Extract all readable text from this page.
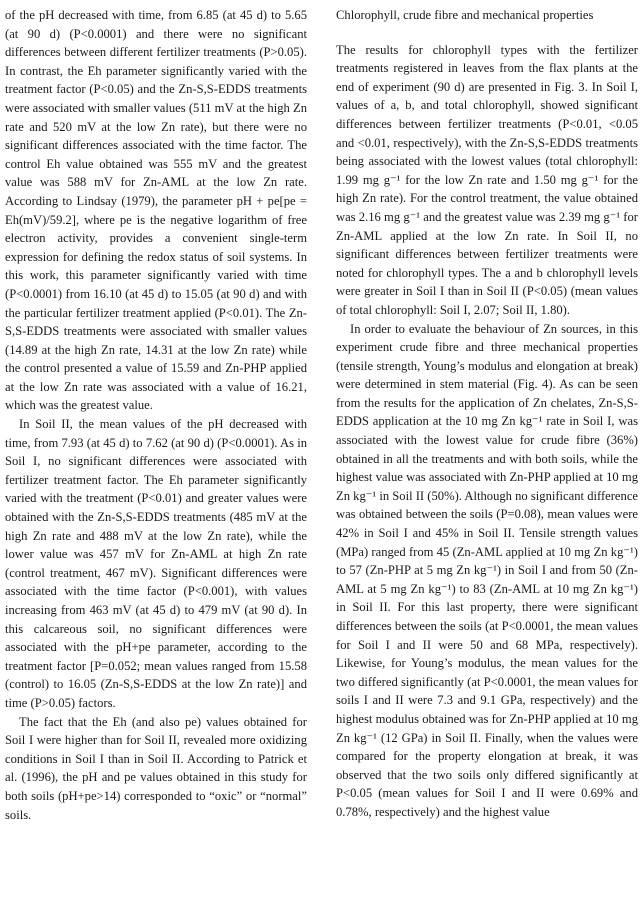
of the pH decreased with time, from 6.85 (at 45 d) to 5.65 (at 90 d) (P<0.0001) and there were no significant differences between different fertilizer treatments (P>0.05). In contrast, the Eh parameter significantly varied with the treatment factor (P<0.05) and the Zn-S,S-EDDS treatments were associated with smaller values (511 mV at the high Zn rate and 520 mV at the low Zn rate), but there were no significant differences associated with the time factor. The control Eh value obtained was 555 mV and the greatest value was 588 mV for Zn-AML at the low Zn rate. According to Lindsay (1979), the parameter pH + pe[pe = Eh(mV)/59.2], where pe is the negative logarithm of free electron activity, provides a convenient single-term expression for defining the redox status of soil systems. In this work, this parameter significantly varied with time (P<0.0001) from 16.10 (at 45 d) to 15.05 (at 90 d) and with the particular fertilizer treatment applied (P<0.01). The Zn-S,S-EDDS treatments were associated with smaller values (14.89 at the high Zn rate, 14.31 at the low Zn rate) while the control presented a value of 15.59 and Zn-PHP applied at the low Zn rate was associated with a value of 16.21, which was the greatest value.

In Soil II, the mean values of the pH decreased with time, from 7.93 (at 45 d) to 7.62 (at 90 d) (P<0.0001). As in Soil I, no significant differences were associated with fertilizer treatment factor. The Eh parameter significantly varied with the treatment (P<0.01) and greater values were obtained with the Zn-S,S-EDDS treatments (485 mV at the high Zn rate and 488 mV at the low Zn rate), while the lower value was 457 mV for Zn-AML at high Zn rate (control treatment, 467 mV). Significant differences were associated with the time factor (P<0.001), with values increasing from 463 mV (at 45 d) to 479 mV (at 90 d). In this calcareous soil, no significant differences were associated with the pH+pe parameter, according to the treatment factor [P=0.052; mean values ranged from 15.58 (control) to 16.05 (Zn-S,S-EDDS at the low Zn rate)] and time (P>0.05) factors.

The fact that the Eh (and also pe) values obtained for Soil I were higher than for Soil II, revealed more oxidizing conditions in Soil I than in Soil II. According to Patrick et al. (1996), the pH and pe values obtained in this study for both soils (pH+pe>14) corresponded to “oxic” or “normal” soils.

Chlorophyll, crude fibre and mechanical properties

The results for chlorophyll types with the fertilizer treatments registered in leaves from the flax plants at the end of experiment (90 d) are presented in Fig. 3. In Soil I, values of a, b, and total chlorophyll, showed significant differences between fertilizer treatments (P<0.01, <0.05 and <0.01, respectively), with the Zn-S,S-EDDS treatments being associated with the lowest values (total chlorophyll: 1.99 mg g⁻¹ for the low Zn rate and 1.50 mg g⁻¹ for the high Zn rate). For the control treatment, the value obtained was 2.16 mg g⁻¹ and the greatest value was 2.39 mg g⁻¹ for Zn-AML applied at the low Zn rate. In Soil II, no significant differences between fertilizer treatments were noted for chlorophyll types. The a and b chlorophyll levels were greater in Soil I than in Soil II (P<0.05) (mean values of total chlorophyll: Soil I, 2.07; Soil II, 1.80).

In order to evaluate the behaviour of Zn sources, in this experiment crude fibre and three mechanical properties (tensile strength, Young’s modulus and elongation at break) were determined in stem material (Fig. 4). As can be seen from the results for the application of Zn chelates, Zn-S,S-EDDS application at the 10 mg Zn kg⁻¹ rate in Soil I, was associated with the lowest value for crude fibre (36%) obtained in all the treatments and with both soils, while the highest value was associated with Zn-PHP applied at 10 mg Zn kg⁻¹ in Soil II (50%). Although no significant difference was obtained between the soils (P=0.08), mean values were 42% in Soil I and 45% in Soil II. Tensile strength values (MPa) ranged from 45 (Zn-AML applied at 10 mg Zn kg⁻¹) to 57 (Zn-PHP at 5 mg Zn kg⁻¹) in Soil I and from 50 (Zn-AML at 5 mg Zn kg⁻¹) to 83 (Zn-AML at 10 mg Zn kg⁻¹) in Soil II. For this last property, there were significant differences between the soils (at P<0.0001, the mean values for Soil I and II were 50 and 68 MPa, respectively). Likewise, for Young’s modulus, the mean values for the two differed significantly (at P<0.0001, the mean values for soils I and II were 7.3 and 9.1 GPa, respectively) and the highest modulus obtained was for Zn-PHP applied at 10 mg Zn kg⁻¹ (12 GPa) in Soil II. Finally, when the values were compared for the property elongation at break, it was observed that the two soils only differed significantly at P<0.05 (mean values for Soil I and II were 0.69% and 0.78%, respectively) and the highest value
